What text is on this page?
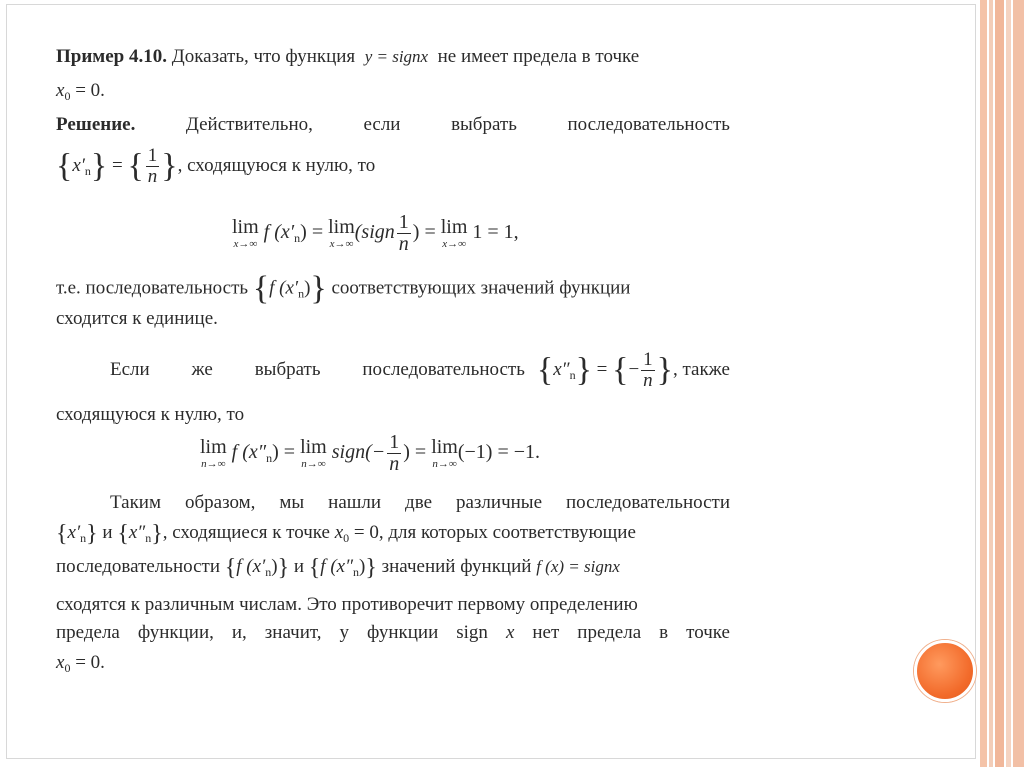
Пример 4.10. Доказать, что функция y = signx не имеет предела в точке
$x_0 = 0$.
Решение.	Действительно,	если	выбрать	последовательность
$\{x'_n\}$ = { $\frac{1}{n}$ }, сходящуюся к нулю, то
lim
x→∞
f $(x'_n) = \lim$
x→∞
(sign $\frac{1}{n}$ ) = lim
x→∞
1 = 1,
т.е. последовательность {f $(x'_n)$} соответствующих значений функции
сходится к единице.
Если же выбрать последовательность $\{x''_n\}$ = {− $\frac{1}{n}$ }, также
сходящуюся к нулю, то
lim
n→∞
f $(x''_n) = \lim$
n→∞
sign(− $\frac{1}{n}$ ) = lim
n→∞
(−1) = −1.
Таким образом, мы нашли две различные последовательности
$\{x'_n\}$ и $\{x''_n\}$, сходящиеся к точке $x_0 = 0$, для которых соответствующие
последовательности {f $(x'_n)$} и {f $(x''_n)$} значений функций f (x) = signx
сходятся к различным числам. Это противоречит первому определению
предела функции, и, значит, у функции sign x нет предела в точке
$x_0 = 0$.
